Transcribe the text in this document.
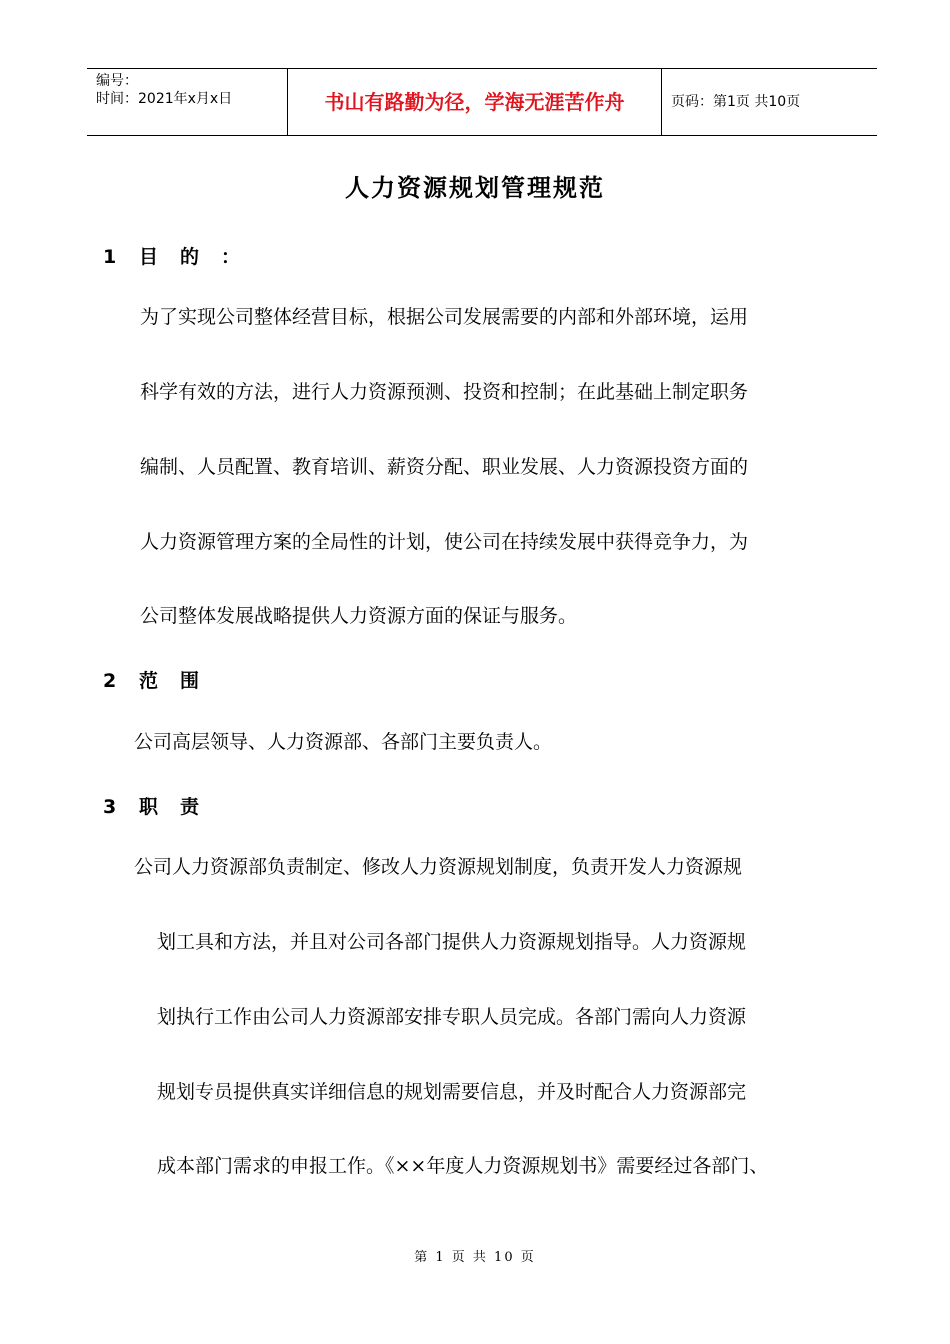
编号：
时间：2021年x月x日	书山有路勤为径，学海无涯苦作舟	页码：第1页 共10页
人力资源规划管理规范
1 目的：
为了实现公司整体经营目标，根据公司发展需要的内部和外部环境，运用
科学有效的方法，进行人力资源预测、投资和控制；在此基础上制定职务
编制、人员配置、教育培训、薪资分配、职业发展、人力资源投资方面的
人力资源管理方案的全局性的计划，使公司在持续发展中获得竞争力，为
公司整体发展战略提供人力资源方面的保证与服务。
2 范围
公司高层领导、人力资源部、各部门主要负责人。
3 职责
公司人力资源部负责制定、修改人力资源规划制度，负责开发人力资源规
划工具和方法，并且对公司各部门提供人力资源规划指导。人力资源规
划执行工作由公司人力资源部安排专职人员完成。各部门需向人力资源
规划专员提供真实详细信息的规划需要信息，并及时配合人力资源部完
成本部门需求的申报工作。《××年度人力资源规划书》需要经过各部门、
第 1 页 共 10 页
